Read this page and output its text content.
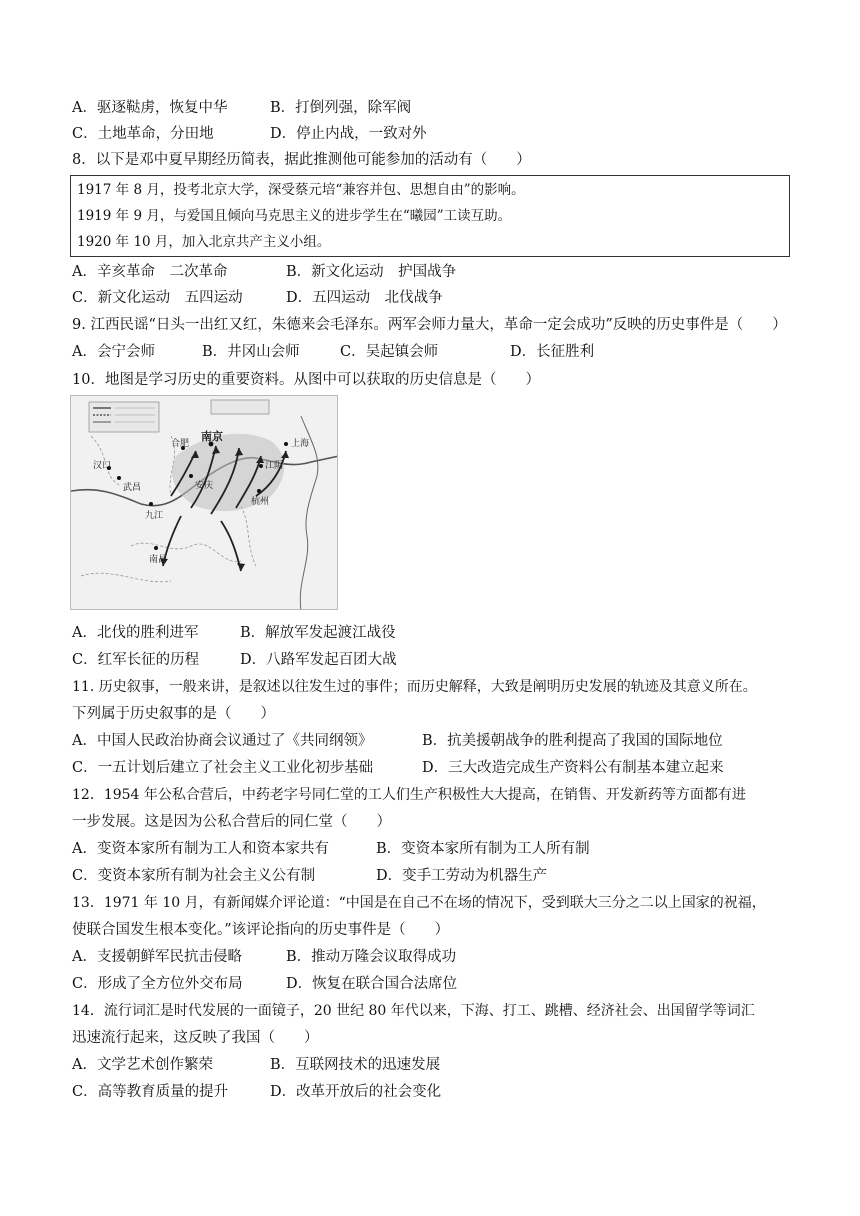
A．驱逐鞑虏，恢复中华	B．打倒列强，除军阀
C．土地革命，分田地	D．停止内战，一致对外
8．以下是邓中夏早期经历简表，据此推测他可能参加的活动有（　　）
1917 年 8 月，投考北京大学，深受蔡元培“兼容并包、思想自由”的影响。
1919 年 9 月，与爱国且倾向马克思主义的进步学生在“曦园”工读互助。
1920 年 10 月，加入北京共产主义小组。
A．辛亥革命　二次革命	B．新文化运动　护国战争
C．新文化运动　五四运动	D．五四运动　北伐战争
9. 江西民谣“日头一出红又红，朱德来会毛泽东。两军会师力量大，革命一定会成功”反映的历史事件是（　　）
A．会宁会师	B．井冈山会师	C．吴起镇会师	D．长征胜利
10．地图是学习历史的重要资料。从图中可以获取的历史信息是（　　）
南京
合肥
武昌
汉口
九江
南昌
杭州
上海
江阴
安庆
A．北伐的胜利进军	B．解放军发起渡江战役
C．红军长征的历程	D．八路军发起百团大战
11. 历史叙事，一般来讲，是叙述以往发生过的事件；而历史解释，大致是阐明历史发展的轨迹及其意义所在。
下列属于历史叙事的是（　　）
A．中国人民政治协商会议通过了《共同纲领》	B．抗美援朝战争的胜利提高了我国的国际地位
C．一五计划后建立了社会主义工业化初步基础	D．三大改造完成生产资料公有制基本建立起来
12．1954 年公私合营后，中药老字号同仁堂的工人们生产积极性大大提高，在销售、开发新药等方面都有进
一步发展。这是因为公私合营后的同仁堂（　　）
A．变资本家所有制为工人和资本家共有	B．变资本家所有制为工人所有制
C．变资本家所有制为社会主义公有制	D．变手工劳动为机器生产
13．1971 年 10 月，有新闻媒介评论道：“中国是在自己不在场的情况下，受到联大三分之二以上国家的祝福，
使联合国发生根本变化。”该评论指向的历史事件是（　　）
A．支援朝鲜军民抗击侵略	B．推动万隆会议取得成功
C．形成了全方位外交布局	D．恢复在联合国合法席位
14．流行词汇是时代发展的一面镜子，20 世纪 80 年代以来，下海、打工、跳槽、经济社会、出国留学等词汇
迅速流行起来，这反映了我国（　　）
A．文学艺术创作繁荣	B．互联网技术的迅速发展
C．高等教育质量的提升	D．改革开放后的社会变化
